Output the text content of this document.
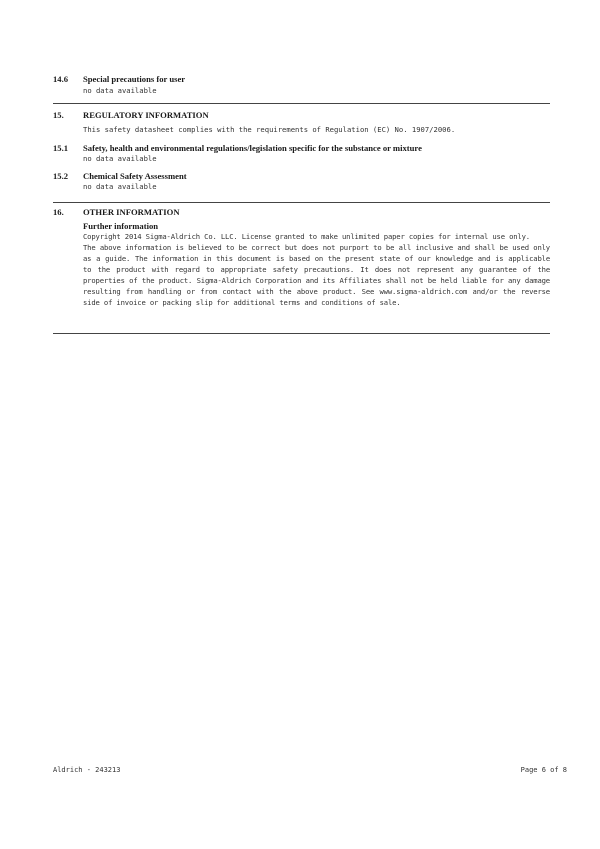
14.6	Special precautions for user
no data available
15.	REGULATORY INFORMATION
This safety datasheet complies with the requirements of Regulation (EC) No. 1907/2006.
15.1	Safety, health and environmental regulations/legislation specific for the substance or mixture
no data available
15.2	Chemical Safety Assessment
no data available
16.	OTHER INFORMATION
Further information
Copyright 2014 Sigma-Aldrich Co. LLC. License granted to make unlimited paper copies for internal use only.
The above information is believed to be correct but does not purport to be all inclusive and shall be used only as a guide. The information in this document is based on the present state of our knowledge and is applicable to the product with regard to appropriate safety precautions. It does not represent any guarantee of the properties of the product. Sigma-Aldrich Corporation and its Affiliates shall not be held liable for any damage resulting from handling or from contact with the above product. See www.sigma-aldrich.com and/or the reverse side of invoice or packing slip for additional terms and conditions of sale.
Aldrich - 243213	Page 6 of 8
